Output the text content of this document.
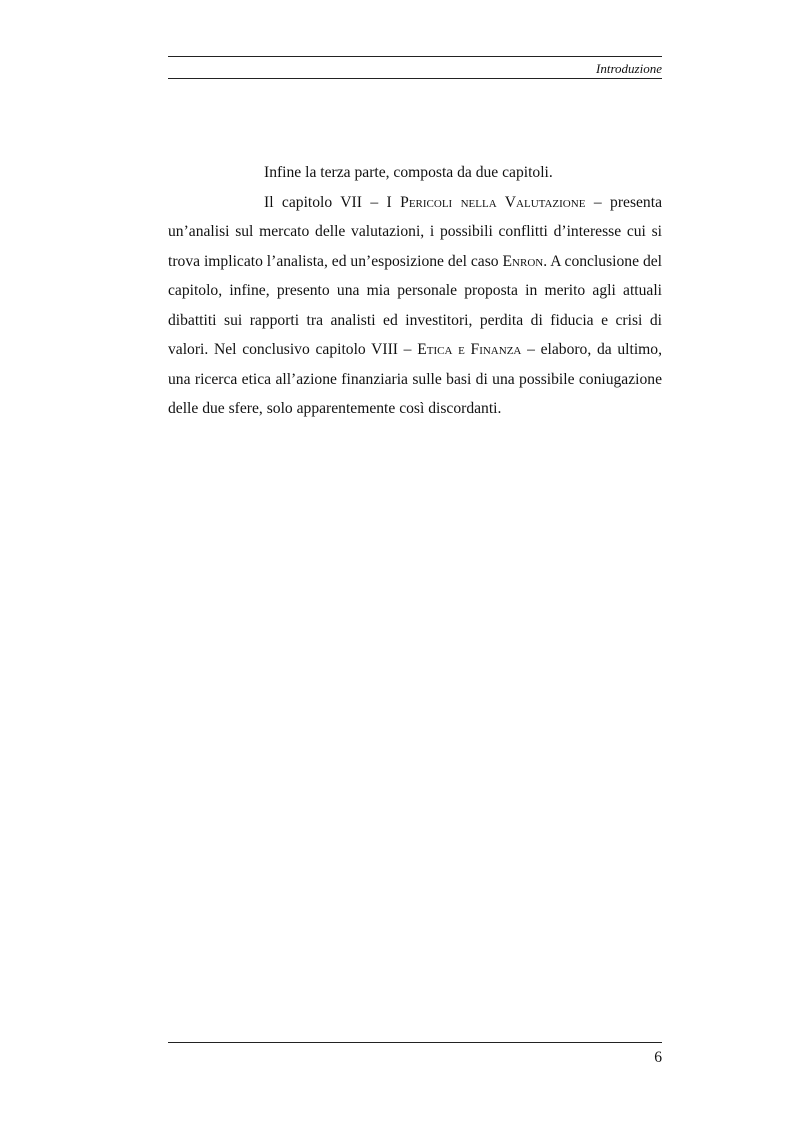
Introduzione

Infine la terza parte, composta da due capitoli.

Il capitolo VII – I Pericoli nella Valutazione – presenta un’analisi sul mercato delle valutazioni, i possibili conflitti d’interesse cui si trova implicato l’analista, ed un’esposizione del caso Enron. A conclusione del capitolo, infine, presento una mia personale proposta in merito agli attuali dibattiti sui rapporti tra analisti ed investitori, perdita di fiducia e crisi di valori. Nel conclusivo capitolo VIII – Etica e Finanza – elaboro, da ultimo, una ricerca etica all’azione finanziaria sulle basi di una possibile coniugazione delle due sfere, solo apparentemente così discordanti.

6
